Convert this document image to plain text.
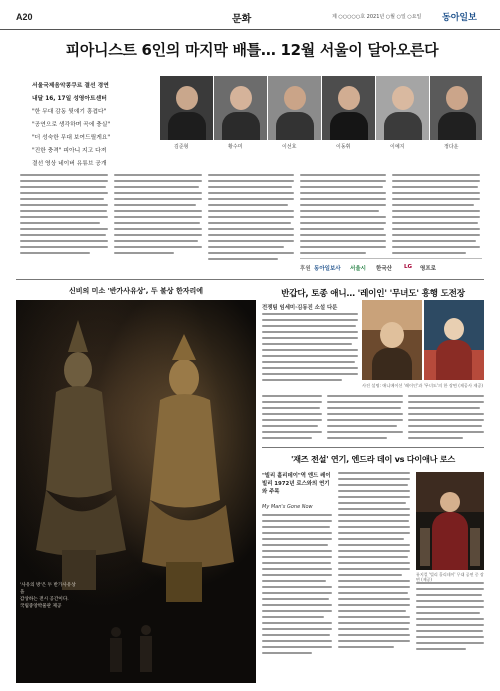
A20	문화	제 ○○○○○호 2021년 ○월 ○일 ○요일 동아일보
피아니스트 6인의 마지막 배틀… 12월 서울이 달아오른다
서울국제음악콩쿠르 결선 경연
내달 16, 17일 성영아트센터
"한 무대 감동 뒷얘기 흥겹다"
"공연으로 생각하며 곡에 충실"
"더 성숙한 무대 보여드릴게요"
"진한 충격" 피아니 지고 다져
결선 영상 네이버 유튜브 공개
김준형	황수미	이선호	이동휘	이예지	정다운
후원 동아일보사 서울시 한국산 LG 영프로
신비의 미소 '반가사유상', 두 불상 한자리에
'사유의 방'은 두 반가사유상을
감상하는 전시 공간이다.
국립중앙박물관 제공
반갑다, 토종 애니… '레이인' '무녀도' 흥행 도전장
전쟁팀 임세미·김동진 소설 다룬
사진 설명: 애니메이션 '레이인'과 '무녀도'의 한 장면 (제공사 제공)
'재즈 전설' 연기, 엔드라 데이 vs 다이애나 로스
"빌리 홀리데이"역 엔드 레이 빌리 1972년 로스와의 연기와 주목
My Man's Gone Now
뮤지컬 '빌리 홀리데이' 무대 공연 중 장면 (제공)
